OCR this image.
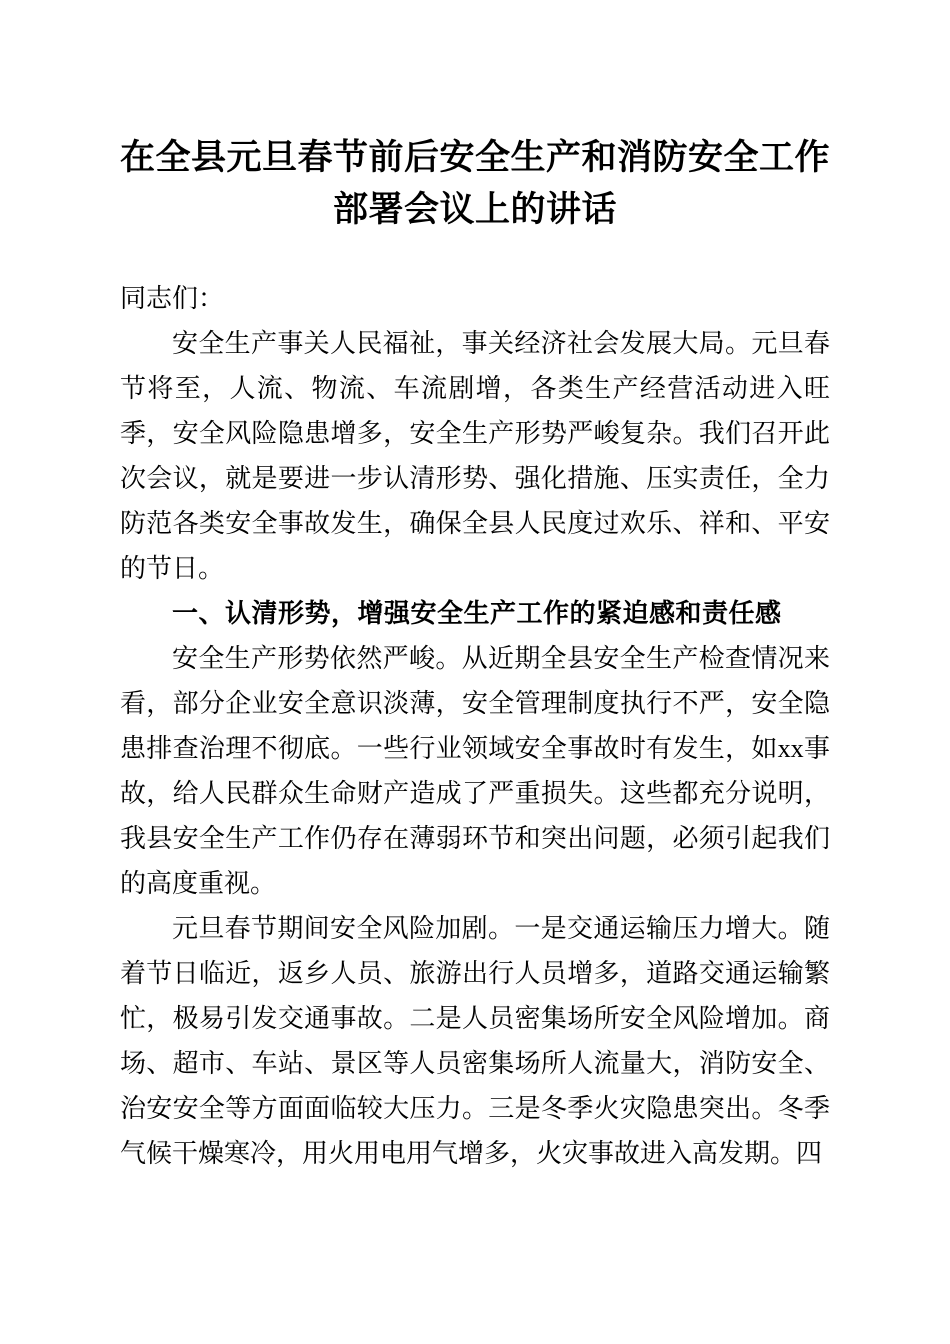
在全县元旦春节前后安全生产和消防安全工作部署会议上的讲话

同志们：

安全生产事关人民福祉，事关经济社会发展大局。元旦春节将至，人流、物流、车流剧增，各类生产经营活动进入旺季，安全风险隐患增多，安全生产形势严峻复杂。我们召开此次会议，就是要进一步认清形势、强化措施、压实责任，全力防范各类安全事故发生，确保全县人民度过欢乐、祥和、平安的节日。

一、认清形势，增强安全生产工作的紧迫感和责任感

安全生产形势依然严峻。从近期全县安全生产检查情况来看，部分企业安全意识淡薄，安全管理制度执行不严，安全隐患排查治理不彻底。一些行业领域安全事故时有发生，如xx事故，给人民群众生命财产造成了严重损失。这些都充分说明，我县安全生产工作仍存在薄弱环节和突出问题，必须引起我们的高度重视。

元旦春节期间安全风险加剧。一是交通运输压力增大。随着节日临近，返乡人员、旅游出行人员增多，道路交通运输繁忙，极易引发交通事故。二是人员密集场所安全风险增加。商场、超市、车站、景区等人员密集场所人流量大，消防安全、治安安全等方面面临较大压力。三是冬季火灾隐患突出。冬季气候干燥寒冷，用火用电用气增多，火灾事故进入高发期。四
